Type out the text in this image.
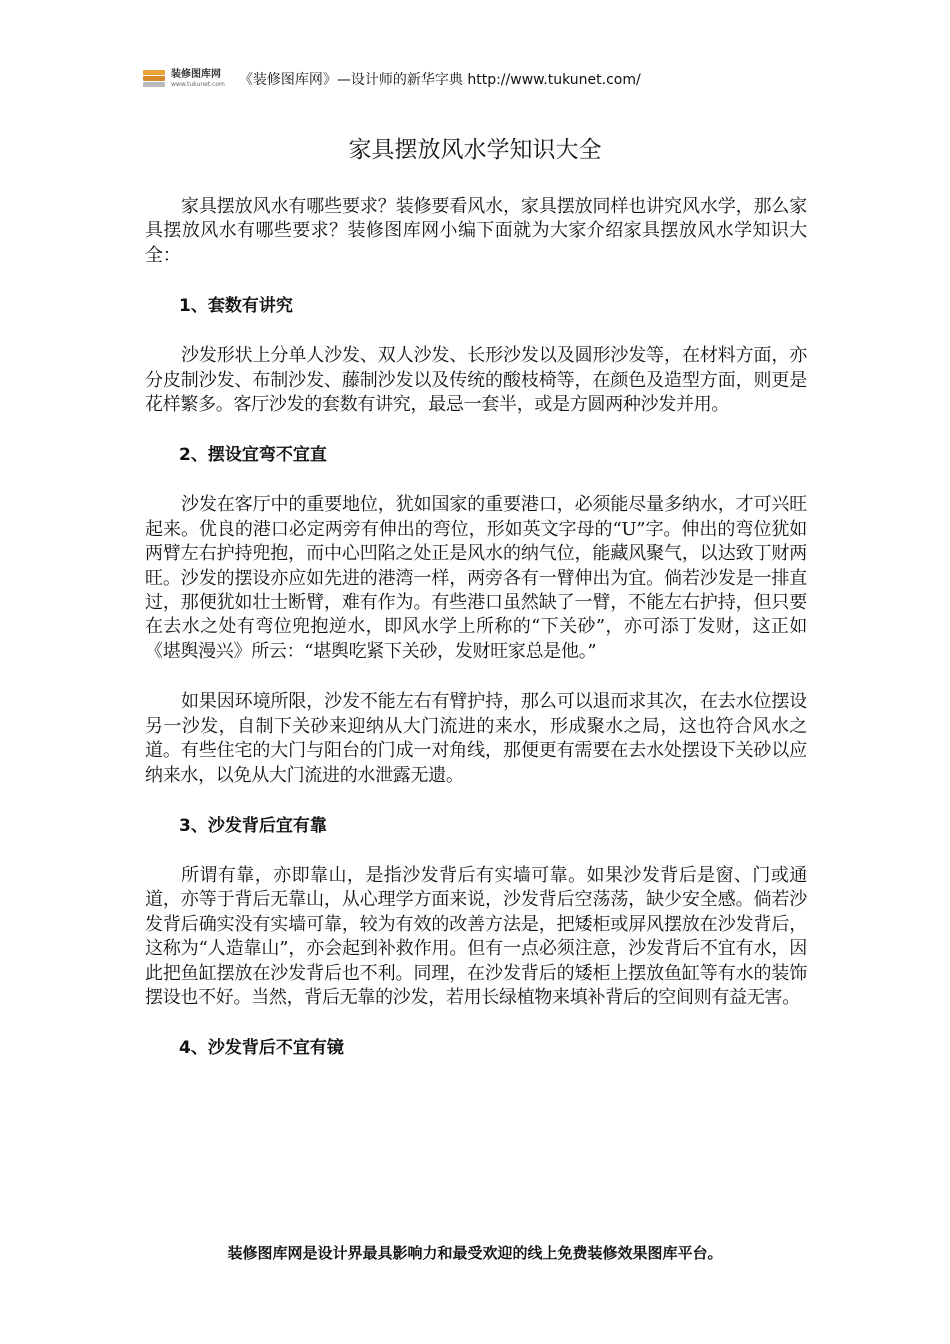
装修图库网
www.tukunet.com 《装修图库网》—设计师的新华字典 http://www.tukunet.com/
家具摆放风水学知识大全

家具摆放风水有哪些要求？装修要看风水，家具摆放同样也讲究风水学，那么家具摆放风水有哪些要求？装修图库网小编下面就为大家介绍家具摆放风水学知识大全：

1、套数有讲究

沙发形状上分单人沙发、双人沙发、长形沙发以及圆形沙发等，在材料方面，亦分皮制沙发、布制沙发、藤制沙发以及传统的酸枝椅等，在颜色及造型方面，则更是花样繁多。客厅沙发的套数有讲究，最忌一套半，或是方圆两种沙发并用。

2、摆设宜弯不宜直

沙发在客厅中的重要地位，犹如国家的重要港口，必须能尽量多纳水，才可兴旺起来。优良的港口必定两旁有伸出的弯位，形如英文字母的“U”字。伸出的弯位犹如两臂左右护持兜抱，而中心凹陷之处正是风水的纳气位，能藏风聚气，以达致丁财两旺。沙发的摆设亦应如先进的港湾一样，两旁各有一臂伸出为宜。倘若沙发是一排直过，那便犹如壮士断臂，难有作为。有些港口虽然缺了一臂，不能左右护持，但只要在去水之处有弯位兜抱逆水，即风水学上所称的“下关砂”，亦可添丁发财，这正如《堪舆漫兴》所云：“堪舆吃紧下关砂，发财旺家总是他。”

如果因环境所限，沙发不能左右有臂护持，那么可以退而求其次，在去水位摆设另一沙发，自制下关砂来迎纳从大门流进的来水，形成聚水之局，这也符合风水之道。有些住宅的大门与阳台的门成一对角线，那便更有需要在去水处摆设下关砂以应纳来水，以免从大门流进的水泄露无遗。

3、沙发背后宜有靠

所谓有靠，亦即靠山，是指沙发背后有实墙可靠。如果沙发背后是窗、门或通道，亦等于背后无靠山，从心理学方面来说，沙发背后空荡荡，缺少安全感。倘若沙发背后确实没有实墙可靠，较为有效的改善方法是，把矮柜或屏风摆放在沙发背后，这称为“人造靠山”，亦会起到补救作用。但有一点必须注意，沙发背后不宜有水，因此把鱼缸摆放在沙发背后也不利。同理，在沙发背后的矮柜上摆放鱼缸等有水的装饰摆设也不好。当然，背后无靠的沙发，若用长绿植物来填补背后的空间则有益无害。

4、沙发背后不宜有镜

装修图库网是设计界最具影响力和最受欢迎的线上免费装修效果图库平台。
